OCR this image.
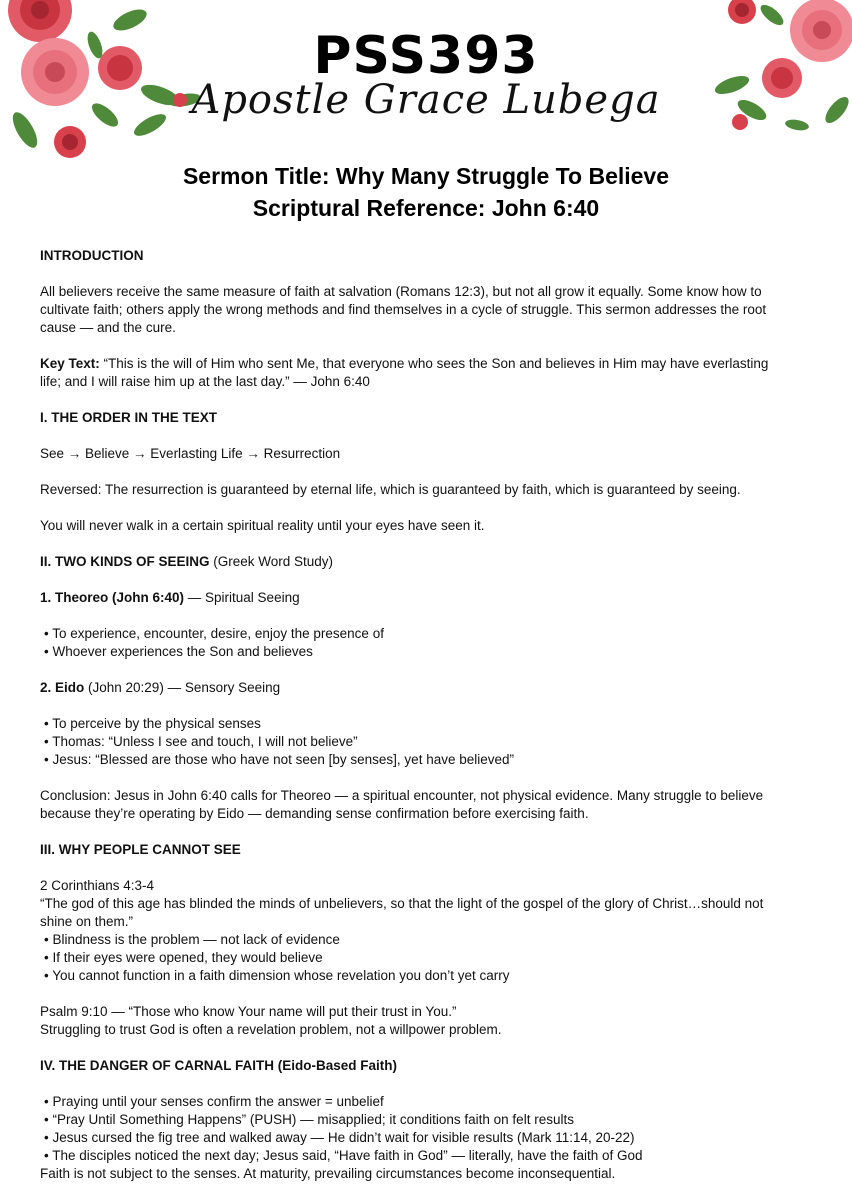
PSS393
Apostle Grace Lubega
Sermon Title: Why Many Struggle To Believe
Scriptural Reference: John 6:40

INTRODUCTION

All believers receive the same measure of faith at salvation (Romans 12:3), but not all grow it equally. Some know how to cultivate faith; others apply the wrong methods and find themselves in a cycle of struggle. This sermon addresses the root cause — and the cure.

Key Text: “This is the will of Him who sent Me, that everyone who sees the Son and believes in Him may have everlasting life; and I will raise him up at the last day.” — John 6:40

I. THE ORDER IN THE TEXT

See → Believe → Everlasting Life → Resurrection

Reversed: The resurrection is guaranteed by eternal life, which is guaranteed by faith, which is guaranteed by seeing.

You will never walk in a certain spiritual reality until your eyes have seen it.

II. TWO KINDS OF SEEING (Greek Word Study)

1. Theoreo (John 6:40) — Spiritual Seeing

• To experience, encounter, desire, enjoy the presence of
• Whoever experiences the Son and believes

2. Eido (John 20:29) — Sensory Seeing

• To perceive by the physical senses
• Thomas: “Unless I see and touch, I will not believe”
• Jesus: “Blessed are those who have not seen [by senses], yet have believed”

Conclusion: Jesus in John 6:40 calls for Theoreo — a spiritual encounter, not physical evidence. Many struggle to believe because they’re operating by Eido — demanding sense confirmation before exercising faith.

III. WHY PEOPLE CANNOT SEE

2 Corinthians 4:3-4

“The god of this age has blinded the minds of unbelievers, so that the light of the gospel of the glory of Christ…should not shine on them.”

• Blindness is the problem — not lack of evidence
• If their eyes were opened, they would believe
• You cannot function in a faith dimension whose revelation you don’t yet carry

Psalm 9:10 — “Those who know Your name will put their trust in You.”

Struggling to trust God is often a revelation problem, not a willpower problem.

IV. THE DANGER OF CARNAL FAITH (Eido-Based Faith)

• Praying until your senses confirm the answer = unbelief
• “Pray Until Something Happens” (PUSH) — misapplied; it conditions faith on felt results
• Jesus cursed the fig tree and walked away — He didn’t wait for visible results (Mark 11:14, 20-22)
• The disciples noticed the next day; Jesus said, “Have faith in God” — literally, have the faith of God

Faith is not subject to the senses. At maturity, prevailing circumstances become inconsequential.
